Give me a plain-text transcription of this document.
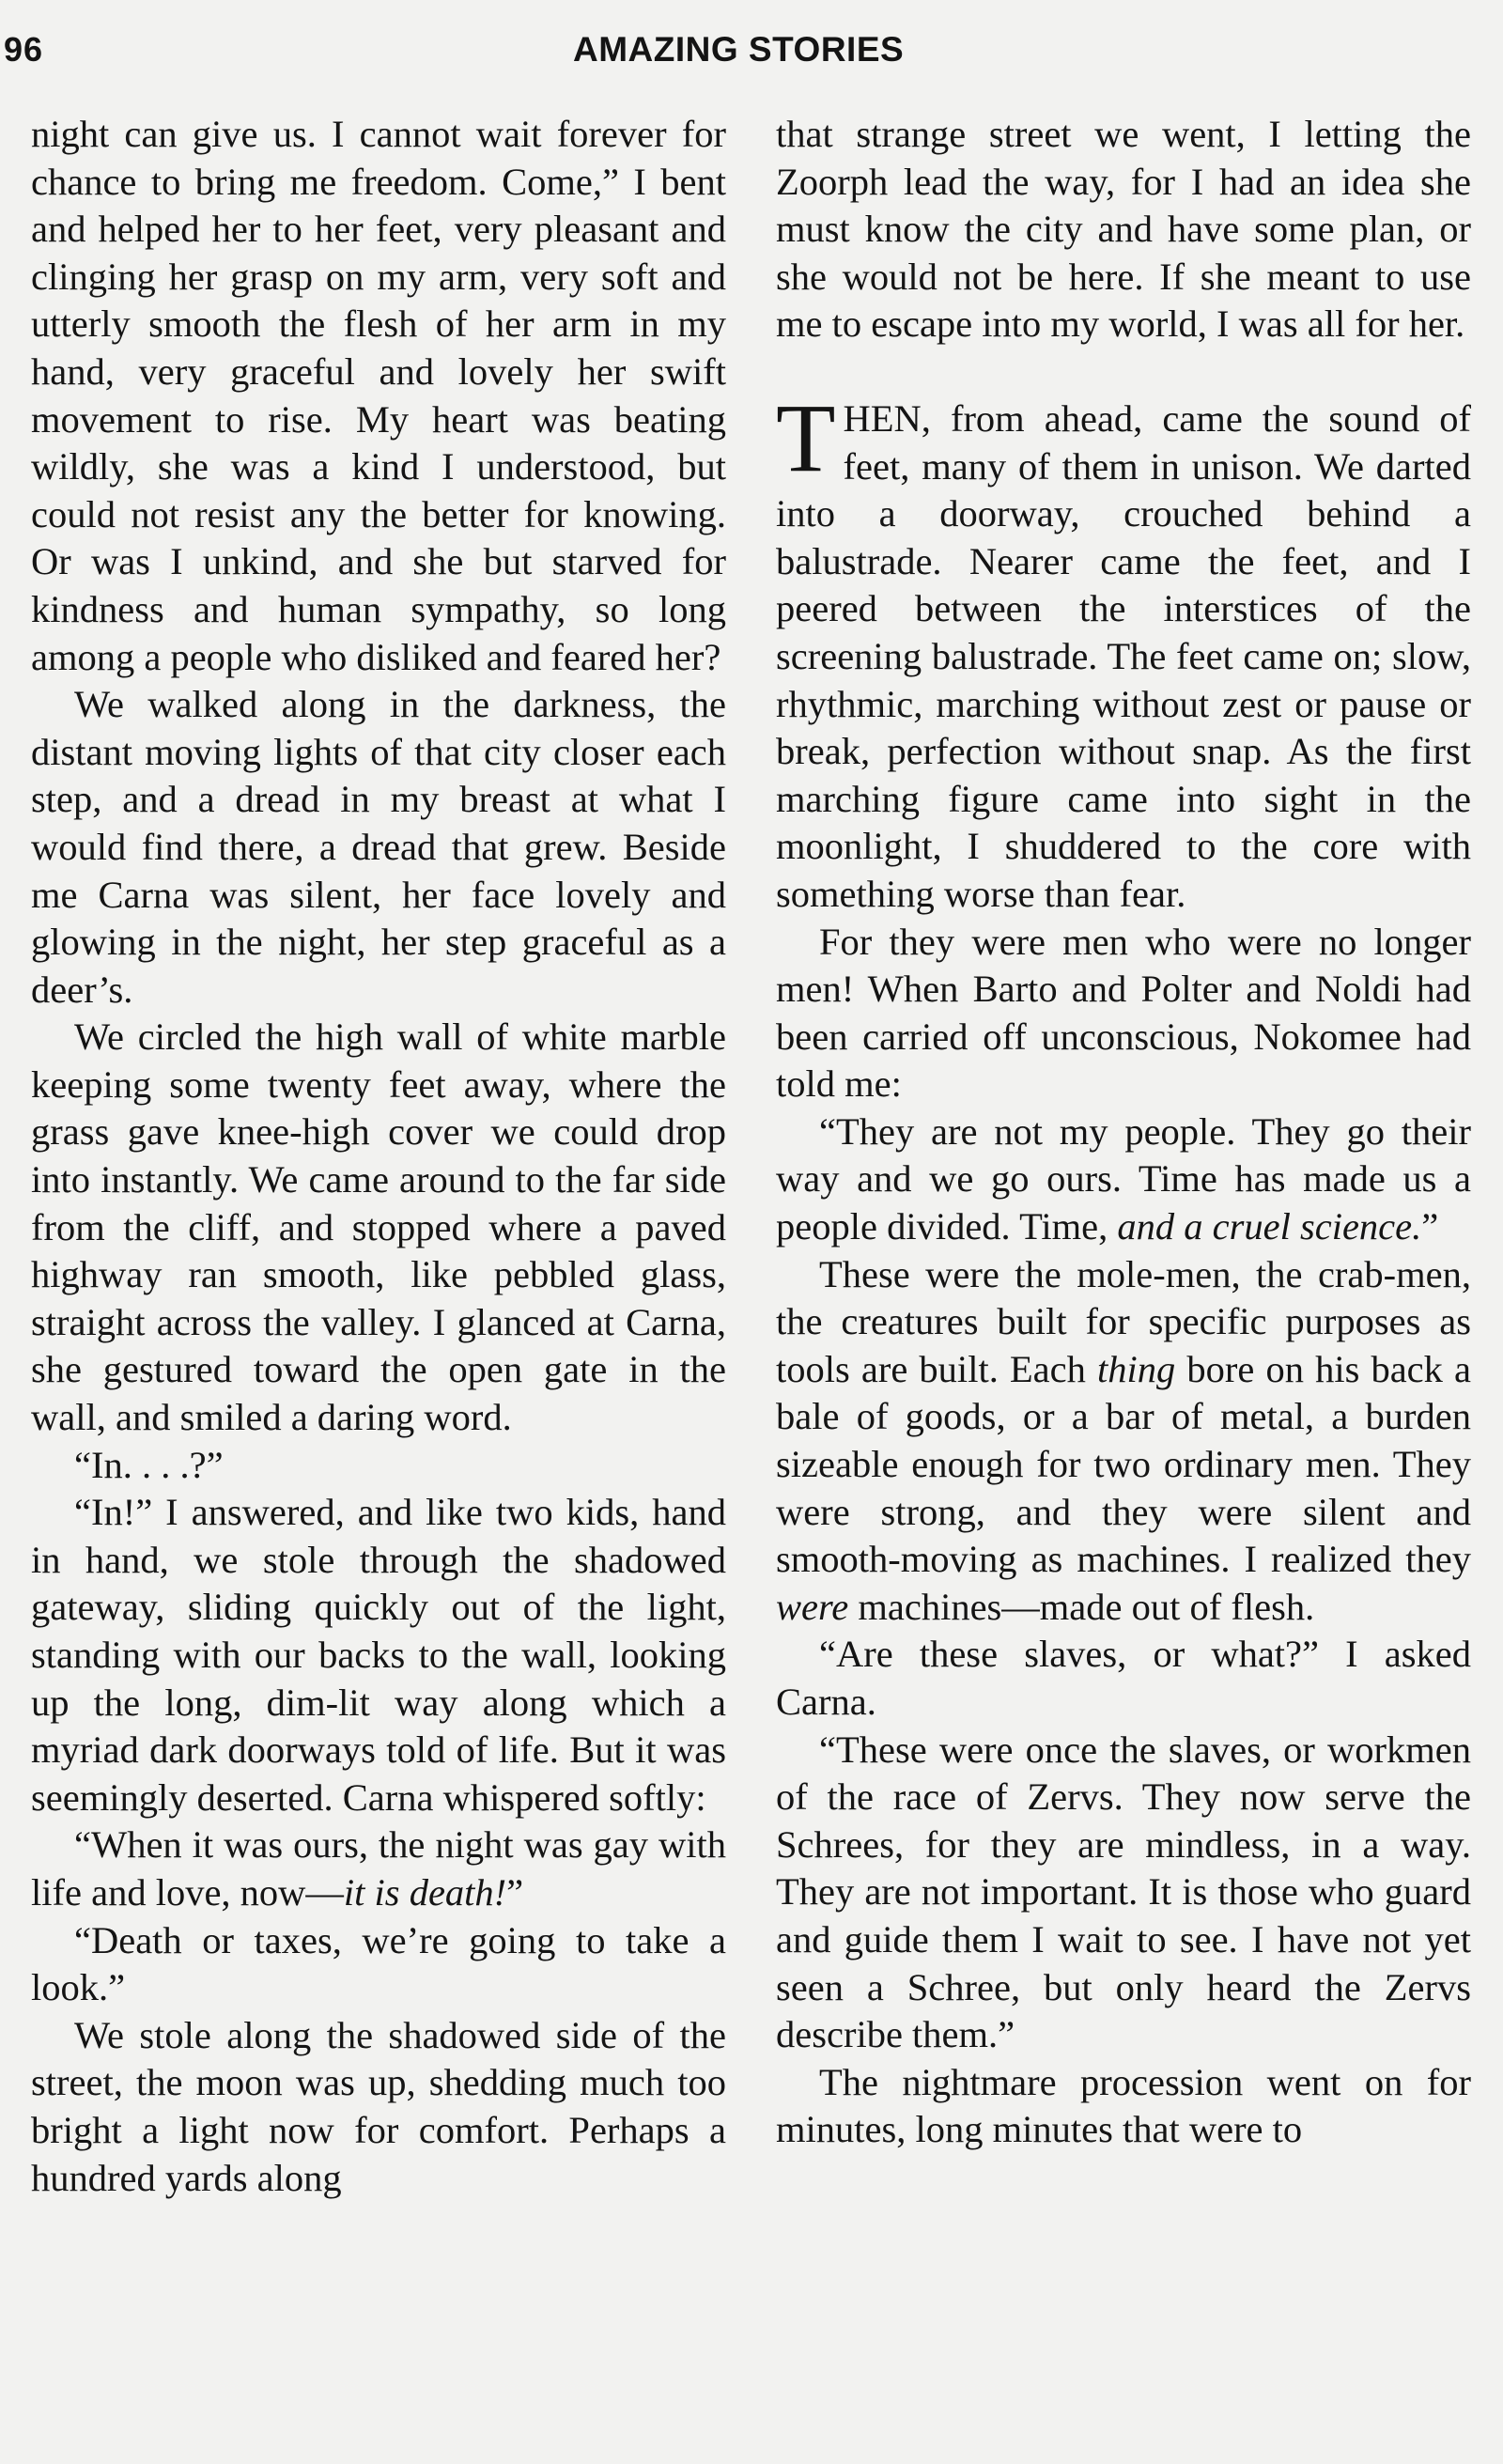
96	AMAZING STORIES

night can give us. I cannot wait forever for chance to bring me freedom. Come,” I bent and helped her to her feet, very pleasant and clinging her grasp on my arm, very soft and utterly smooth the flesh of her arm in my hand, very graceful and lovely her swift movement to rise. My heart was beating wildly, she was a kind I understood, but could not resist any the better for knowing. Or was I unkind, and she but starved for kindness and human sympathy, so long among a people who disliked and feared her?

We walked along in the darkness, the distant moving lights of that city closer each step, and a dread in my breast at what I would find there, a dread that grew. Beside me Carna was silent, her face lovely and glowing in the night, her step graceful as a deer’s.

We circled the high wall of white marble keeping some twenty feet away, where the grass gave knee-high cover we could drop into instantly. We came around to the far side from the cliff, and stopped where a paved highway ran smooth, like pebbled glass, straight across the valley. I glanced at Carna, she gestured toward the open gate in the wall, and smiled a daring word.

“In. . . .?”

“In!” I answered, and like two kids, hand in hand, we stole through the shadowed gateway, sliding quickly out of the light, standing with our backs to the wall, looking up the long, dim-lit way along which a myriad dark doorways told of life. But it was seemingly deserted. Carna whispered softly:

“When it was ours, the night was gay with life and love, now—it is death!”

“Death or taxes, we’re going to take a look.”

We stole along the shadowed side of the street, the moon was up, shedding much too bright a light now for comfort. Perhaps a hundred yards along

that strange street we went, I letting the Zoorph lead the way, for I had an idea she must know the city and have some plan, or she would not be here. If she meant to use me to escape into my world, I was all for her.

THEN, from ahead, came the sound of feet, many of them in unison. We darted into a doorway, crouched behind a balustrade. Nearer came the feet, and I peered between the interstices of the screening balustrade. The feet came on; slow, rhythmic, marching without zest or pause or break, perfection without snap. As the first marching figure came into sight in the moonlight, I shuddered to the core with something worse than fear.

For they were men who were no longer men! When Barto and Polter and Noldi had been carried off unconscious, Nokomee had told me:

“They are not my people. They go their way and we go ours. Time has made us a people divided. Time, and a cruel science.”

These were the mole-men, the crab-men, the creatures built for specific purposes as tools are built. Each thing bore on his back a bale of goods, or a bar of metal, a burden sizeable enough for two ordinary men. They were strong, and they were silent and smooth-moving as machines. I realized they were machines—made out of flesh.

“Are these slaves, or what?” I asked Carna.

“These were once the slaves, or workmen of the race of Zervs. They now serve the Schrees, for they are mindless, in a way. They are not important. It is those who guard and guide them I wait to see. I have not yet seen a Schree, but only heard the Zervs describe them.”

The nightmare procession went on for minutes, long minutes that were to
